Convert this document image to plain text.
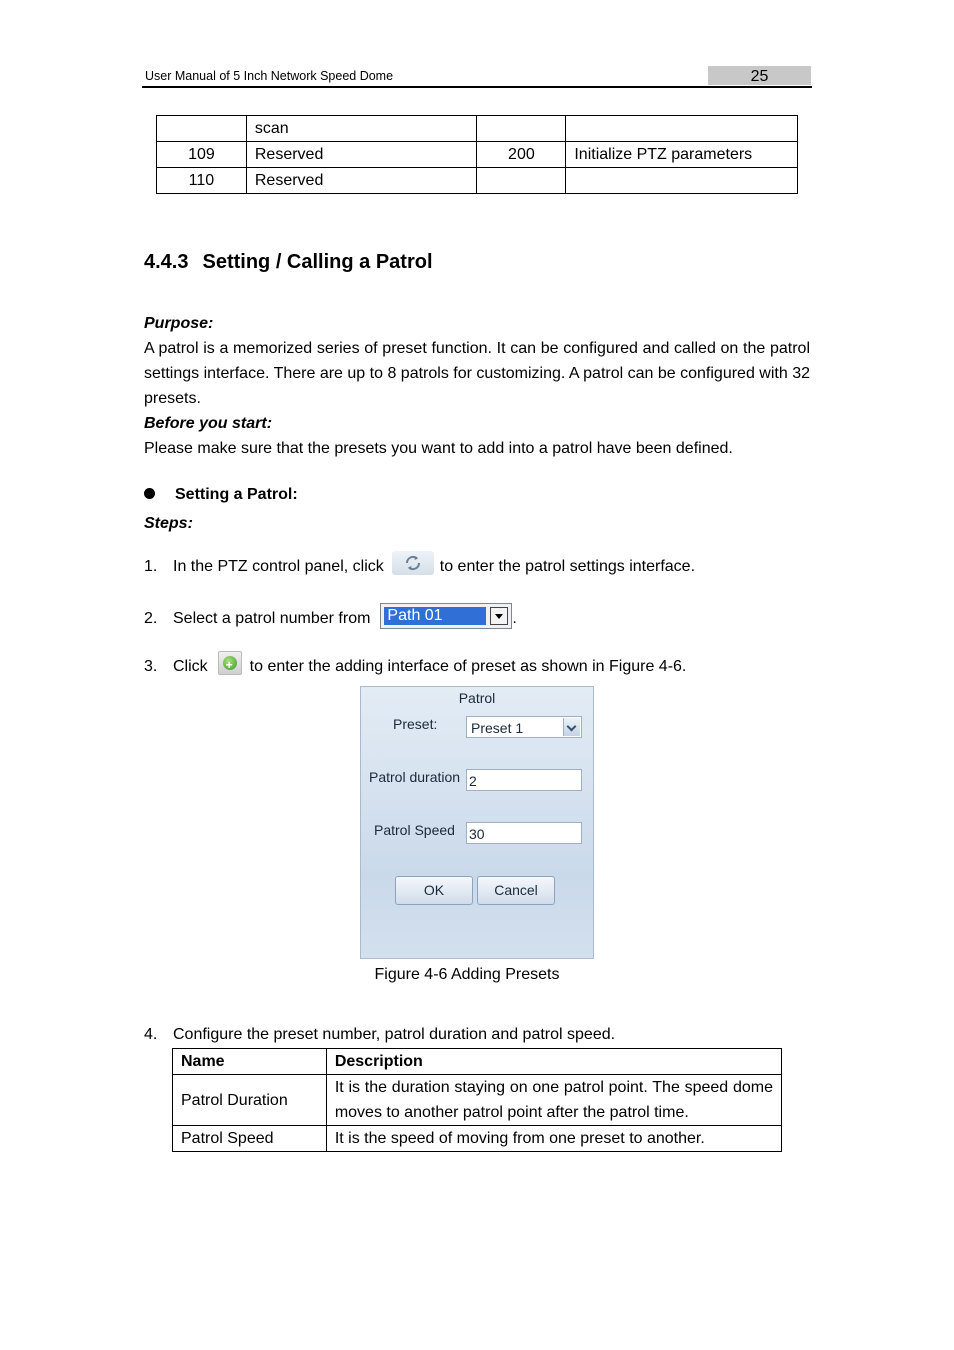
User Manual of 5 Inch Network Speed Dome	25
	scan		
109	Reserved	200	Initialize PTZ parameters
110	Reserved		
4.4.3 Setting / Calling a Patrol
Purpose:
A patrol is a memorized series of preset function. It can be configured and called on the patrol settings interface. There are up to 8 patrols for customizing. A patrol can be configured with 32 presets.
Before you start:
Please make sure that the presets you want to add into a patrol have been defined.
Setting a Patrol:
Steps:
1. In the PTZ control panel, click	to enter the patrol settings interface.
2. Select a patrol number from Path 01	.
3. Click +	to enter the adding interface of preset as shown in Figure 4-6.
Patrol
Preset:	Preset 1
Patrol duration 2
Patrol Speed 30
OK	Cancel
Figure 4-6 Adding Presets
4. Configure the preset number, patrol duration and patrol speed.
Name	Description
Patrol Duration	It is the duration staying on one patrol point. The speed dome moves to another patrol point after the patrol time.
Patrol Speed	It is the speed of moving from one preset to another.
